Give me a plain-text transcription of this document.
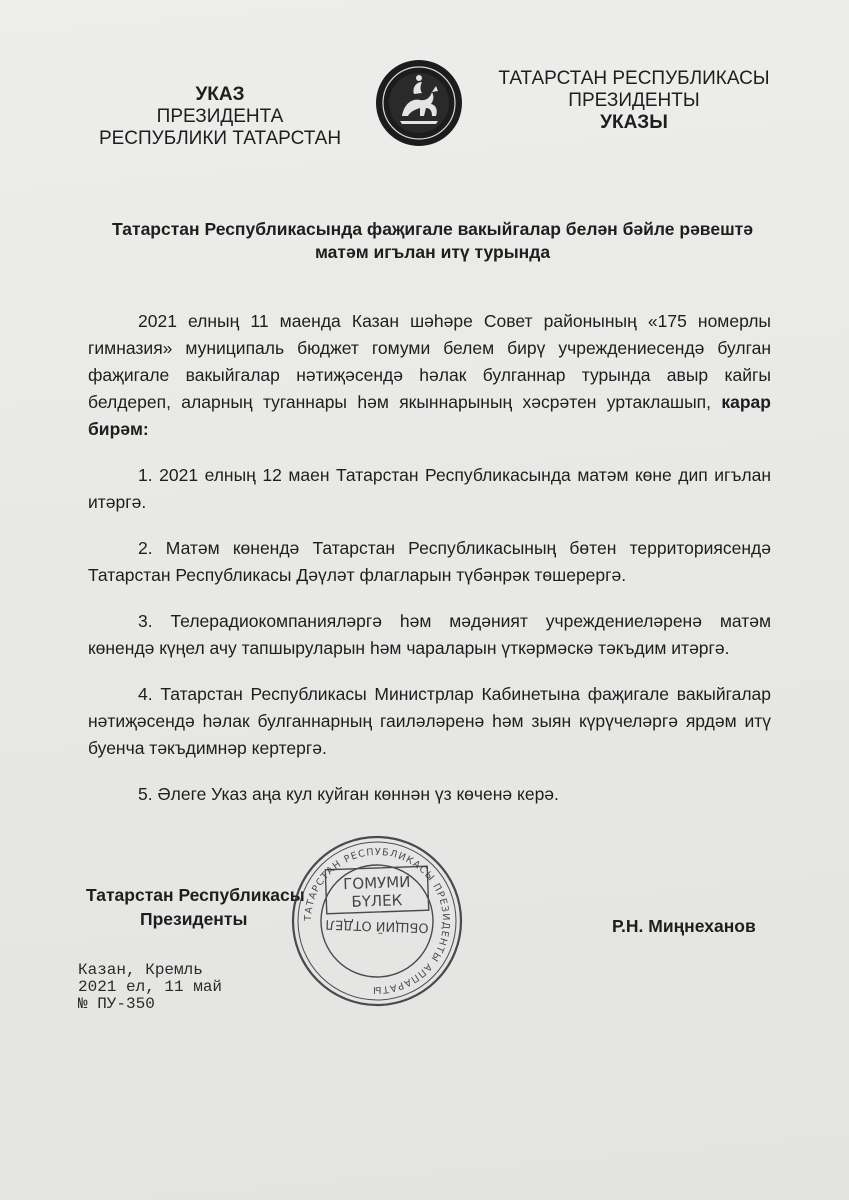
УКАЗ
ПРЕЗИДЕНТА
РЕСПУБЛИКИ ТАТАРСТАН
ТАТАРСТАН РЕСПУБЛИКАСЫ
ПРЕЗИДЕНТЫ
УКАЗЫ
Татарстан Республикасында фаҗигале вакыйгалар белән бәйле рәвештә
матәм игълан итү турында

2021 елның 11 маенда Казан шәһәре Совет районының «175 номерлы гимназия» муниципаль бюджет гомуми белем бирү учреждениесендә булган фаҗигале вакыйгалар нәтиҗәсендә һәлак булганнар турында авыр кайгы белдереп, аларның туганнары һәм якыннарының хәсрәтен уртаклашып, карар бирәм:

1. 2021 елның 12 маен Татарстан Республикасында матәм көне дип игълан итәргә.

2. Матәм көнендә Татарстан Республикасының бөтен территориясендә Татарстан Республикасы Дәүләт флагларын түбәнрәк төшерергә.

3. Телерадиокомпанияләргә һәм мәдәният учреждениеләренә матәм көнендә күңел ачу тапшыруларын һәм чараларын үткәрмәскә тәкъдим итәргә.

4. Татарстан Республикасы Министрлар Кабинетына фаҗигале вакыйгалар нәтиҗәсендә һәлак булганнарның гаиләләренә һәм зыян күрүчеләргә ярдәм итү буенча тәкъдимнәр кертергә.

5. Әлеге Указ аңа кул куйган көннән үз көченә керә.

Татарстан Республикасы
Президенты	ТАТАРСТАН РЕСПУБЛИКАСЫ ПРЕЗИДЕНТЫ АППАРАТЫ
ГОМУМИ
БҮЛЕК
ОБЩИЙ ОТДЕЛ	Р.Н. Миңнеханов
Казан, Кремль
2021 ел, 11 май
№ ПУ-350
